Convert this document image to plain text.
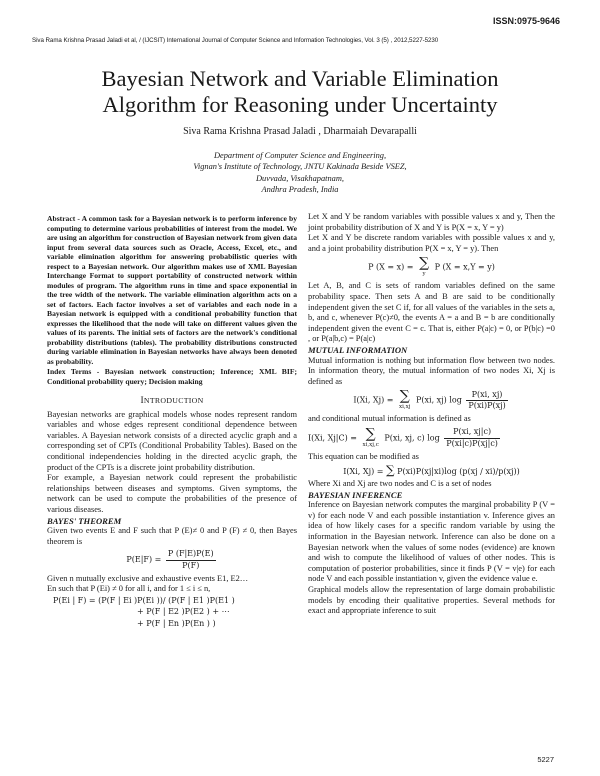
ISSN:0975-9646
Siva Rama Krishna Prasad Jaladi et al, / (IJCSIT) International Journal of Computer Science and Information Technologies, Vol. 3 (5) , 2012,5227-5230
Bayesian Network and Variable Elimination
Algorithm for Reasoning under Uncertainty
Siva Rama Krishna Prasad Jaladi , Dharmaiah Devarapalli
Department of Computer Science and Engineering,
Vignan's Institute of Technology, JNTU Kakinada Beside VSEZ,
Duvvada, Visakhapatnam,
Andhra Pradesh, India

Abstract - A common task for a Bayesian network is to perform inference by computing to determine various probabilities of interest from the model. We are using an algorithm for construction of Bayesian network from given data input from several data sources such as Oracle, Access, Excel, etc., and variable elimination algorithm for answering probabilistic queries with respect to a Bayesian network. Our algorithm makes use of XML Bayesian Interchange Format to support portability of constructed network within modules of program. The algorithm runs in time and space exponential in the tree width of the network. The variable elimination algorithm acts on a set of factors. Each factor involves a set of variables and each node in a Bayesian network is equipped with a conditional probability function that expresses the likelihood that the node will take on different values given the values of its parents. The initial sets of factors are the network's conditional probability distributions (tables). The probability distributions constructed during variable elimination in Bayesian networks have always been denoted as probability.

Index Terms - Bayesian network construction; Inference; XML BIF; Conditional probability query; Decision making

INTRODUCTION

Bayesian networks are graphical models whose nodes represent random variables and whose edges represent conditional dependence between variables. A Bayesian network consists of a directed acyclic graph and a corresponding set of CPTs (Conditional Probability Tables). Based on the conditional independencies holding in the directed acyclic graph, the product of the CPTs is a discrete joint probability distribution.

For example, a Bayesian network could represent the probabilistic relationships between diseases and symptoms. Given symptoms, the network can be used to compute the probabilities of the presence of various diseases.

BAYES' THEOREM

Given two events E and F such that P (E)≠ 0 and P (F) ≠ 0, then Bayes theorem is

$P(E|F) = \frac{P (F|E)P(E)}{P(F)}$

Given n mutually exclusive and exhaustive events E1, E2…

En such that P (Ei) ≠ 0 for all i, and for 1 ≤ i ≤ n,

P(Ei | F) = (P(F | Ei )P(Ei ))/ (P(F | E1 )P(E1 )
+ P(F | E2 )P(E2 ) + ⋯
+ P(F | En )P(En ) )

Let X and Y be random variables with possible values x and y, Then the joint probability distribution of X and Y is P(X = x, Y = y)

Let X and Y be discrete random variables with possible values x and y, and a joint probability distribution P(X = x, Y = y). Then

P (X = x) = ∑
y
P (X = x,Y = y)

Let A, B, and C is sets of random variables defined on the same probability space. Then sets A and B are said to be conditionally independent given the set C if, for all values of the variables in the sets a, b, and c, whenever P(c)≠0, the events A = a and B = b are conditionally independent given the event C = c. That is, either P(a|c) = 0, or P(b|c) =0 , or P(a|b,c) = P(a|c)

MUTUAL INFORMATION

Mutual information is nothing but information flow between two nodes. In information theory, the mutual information of two nodes Xi, Xj is defined as

I(Xi, Xj) = ∑
xi,xj
P(xi, xj) $\log \frac{P(xi, xj)}{P(xi)P(xj)}$

and conditional mutual information is defined as

I(Xi, Xj|C) = ∑
xi,xj,c
P(xi, xj, c) $\log \frac{P(xi, xj|c)}{P(xi|c)P(xj|c)}$

This equation can be modified as

I(Xi, Xj) = ∑ P(xi)P(xj|xi)log (p(xj / xi)/p(xj))

Where Xi and Xj are two nodes and C is a set of nodes

BAYESIAN INFERENCE

Inference on Bayesian network computes the marginal probability P (V = v) for each node V and each possible instantiation v. Inference gives an idea of how likely cases for a specific random variable by using the information in the Bayesian network. Inference can also be done on a Bayesian network when the values of some nodes (evidence) are known and wish to compute the likelihood of values of other nodes. This is computation of posterior probabilities, since it finds P (V = v|e) for each node V and each possible instantiation v, given the evidence value e.

Graphical models allow the representation of large domain probabilistic models by encoding their qualitative properties. Several methods for exact and appropriate inference to suit

5227
